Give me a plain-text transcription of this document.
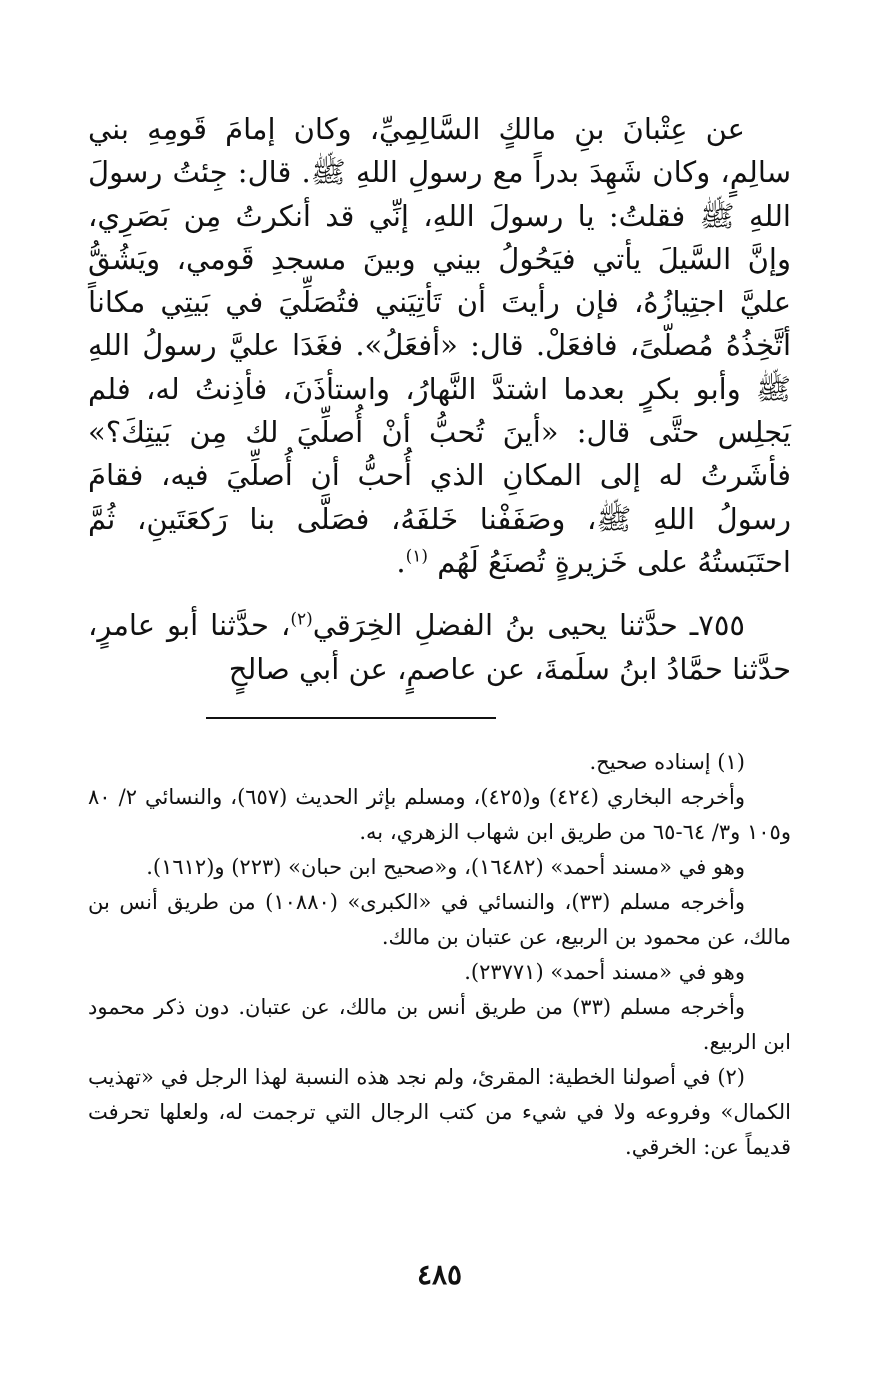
عن عِتْبانَ بنِ مالكٍ السَّالِمِيِّ، وكان إمامَ قَومِهِ بني سالِمٍ، وكان شَهِدَ بدراً مع رسولِ اللهِ ﷺ. قال: جِئتُ رسولَ اللهِ ﷺ فقلتُ: يا رسولَ اللهِ، إنِّي قد أنكرتُ مِن بَصَرِي، وإنَّ السَّيلَ يأتي فيَحُولُ بيني وبينَ مسجدِ قَومي، ويَشُقُّ عليَّ اجتِيازُهُ، فإن رأيتَ أن تَأتِيَني فتُصَلِّيَ في بَيتِي مكاناً أتَّخِذُهُ مُصلّىً، فافعَلْ. قال: «أفعَلُ». فغَدَا عليَّ رسولُ اللهِ ﷺ وأبو بكرٍ بعدما اشتدَّ النَّهارُ، واستأذَنَ، فأذِنتُ له، فلم يَجلِس حتَّى قال: «أينَ تُحبُّ أنْ أُصلِّيَ لك مِن بَيتِكَ؟» فأشَرتُ له إلى المكانِ الذي أُحبُّ أن أُصلِّيَ فيه، فقامَ رسولُ اللهِ ﷺ، وصَفَفْنا خَلفَهُ، فصَلَّى بنا رَكعَتَينِ، ثُمَّ احتَبَستُهُ على خَزيرةٍ تُصنَعُ لَهُم $^{(١)}$.

٧٥٥ـ حدَّثنا يحيى بنُ الفضلِ الخِرَقي$^{(٢)}$، حدَّثنا أبو عامرٍ، حدَّثنا حمَّادُ ابنُ سلَمةَ، عن عاصمٍ، عن أبي صالحٍ

(١) إسناده صحيح.

وأخرجه البخاري (٤٢٤) و(٤٢٥)، ومسلم بإثر الحديث (٦٥٧)، والنسائي ٢/ ٨٠ و١٠٥ و٣/ ٦٤-٦٥ من طريق ابن شهاب الزهري، به.

وهو في «مسند أحمد» (١٦٤٨٢)، و«صحيح ابن حبان» (٢٢٣) و(١٦١٢).

وأخرجه مسلم (٣٣)، والنسائي في «الكبرى» (١٠٨٨٠) من طريق أنس بن مالك، عن محمود بن الربيع، عن عتبان بن مالك.

وهو في «مسند أحمد» (٢٣٧٧١).

وأخرجه مسلم (٣٣) من طريق أنس بن مالك، عن عتبان. دون ذكر محمود ابن الربيع.

(٢) في أصولنا الخطية: المقرئ، ولم نجد هذه النسبة لهذا الرجل في «تهذيب الكمال» وفروعه ولا في شيء من كتب الرجال التي ترجمت له، ولعلها تحرفت قديماً عن: الخرقي.

٤٨٥
